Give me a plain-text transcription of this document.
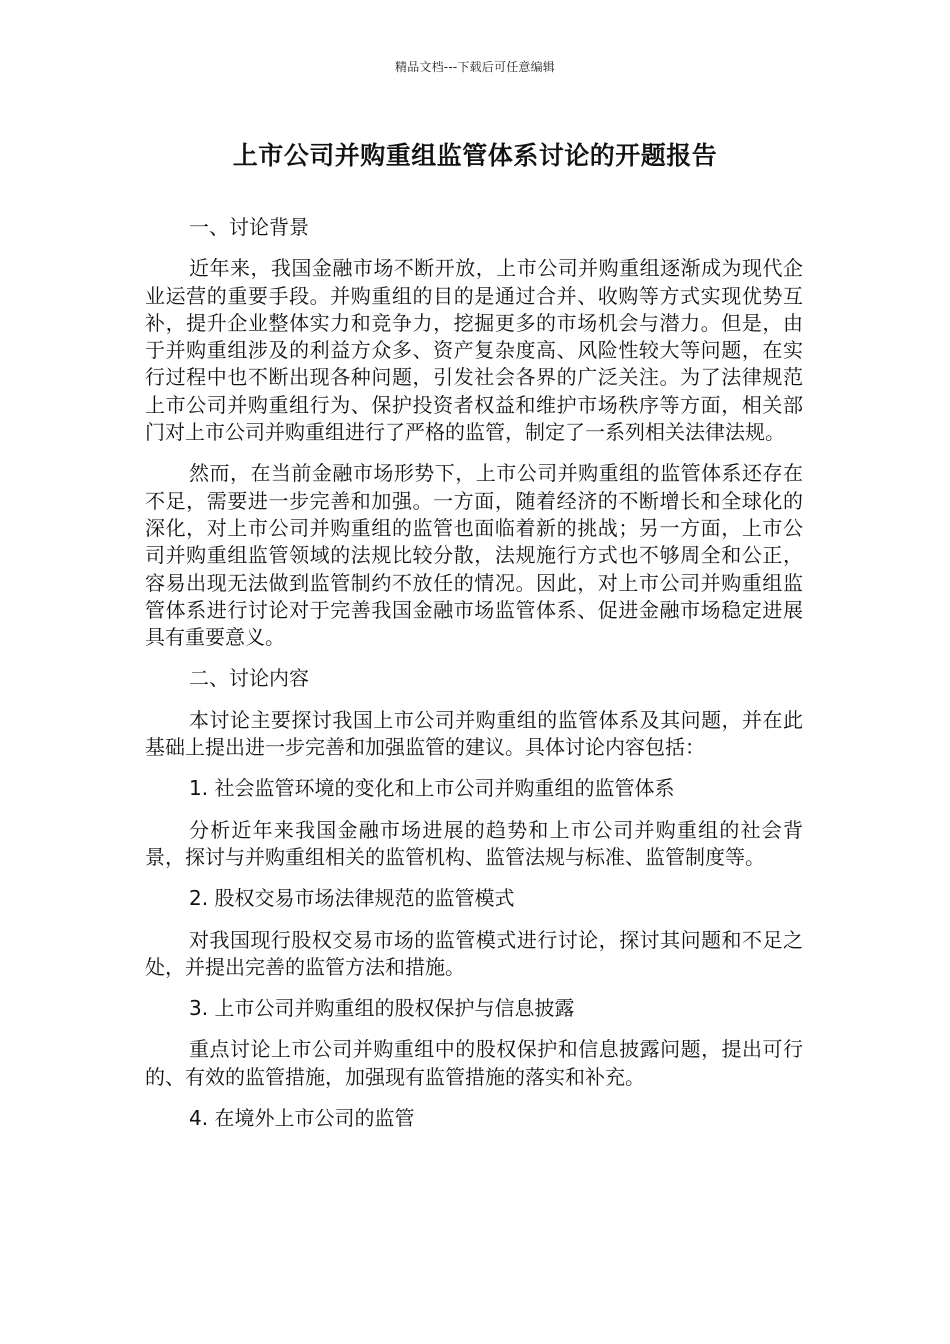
精品文档---下载后可任意编辑
上市公司并购重组监管体系讨论的开题报告
一、讨论背景

近年来，我国金融市场不断开放，上市公司并购重组逐渐成为现代企业运营的重要手段。并购重组的目的是通过合并、收购等方式实现优势互补，提升企业整体实力和竞争力，挖掘更多的市场机会与潜力。但是，由于并购重组涉及的利益方众多、资产复杂度高、风险性较大等问题，在实行过程中也不断出现各种问题，引发社会各界的广泛关注。为了法律规范上市公司并购重组行为、保护投资者权益和维护市场秩序等方面，相关部门对上市公司并购重组进行了严格的监管，制定了一系列相关法律法规。

然而，在当前金融市场形势下，上市公司并购重组的监管体系还存在不足，需要进一步完善和加强。一方面，随着经济的不断增长和全球化的深化，对上市公司并购重组的监管也面临着新的挑战；另一方面，上市公司并购重组监管领域的法规比较分散，法规施行方式也不够周全和公正，容易出现无法做到监管制约不放任的情况。因此，对上市公司并购重组监管体系进行讨论对于完善我国金融市场监管体系、促进金融市场稳定进展具有重要意义。

二、讨论内容

本讨论主要探讨我国上市公司并购重组的监管体系及其问题，并在此基础上提出进一步完善和加强监管的建议。具体讨论内容包括：

1. 社会监管环境的变化和上市公司并购重组的监管体系

分析近年来我国金融市场进展的趋势和上市公司并购重组的社会背景，探讨与并购重组相关的监管机构、监管法规与标准、监管制度等。

2. 股权交易市场法律规范的监管模式

对我国现行股权交易市场的监管模式进行讨论，探讨其问题和不足之处，并提出完善的监管方法和措施。

3. 上市公司并购重组的股权保护与信息披露

重点讨论上市公司并购重组中的股权保护和信息披露问题，提出可行的、有效的监管措施，加强现有监管措施的落实和补充。

4. 在境外上市公司的监管
